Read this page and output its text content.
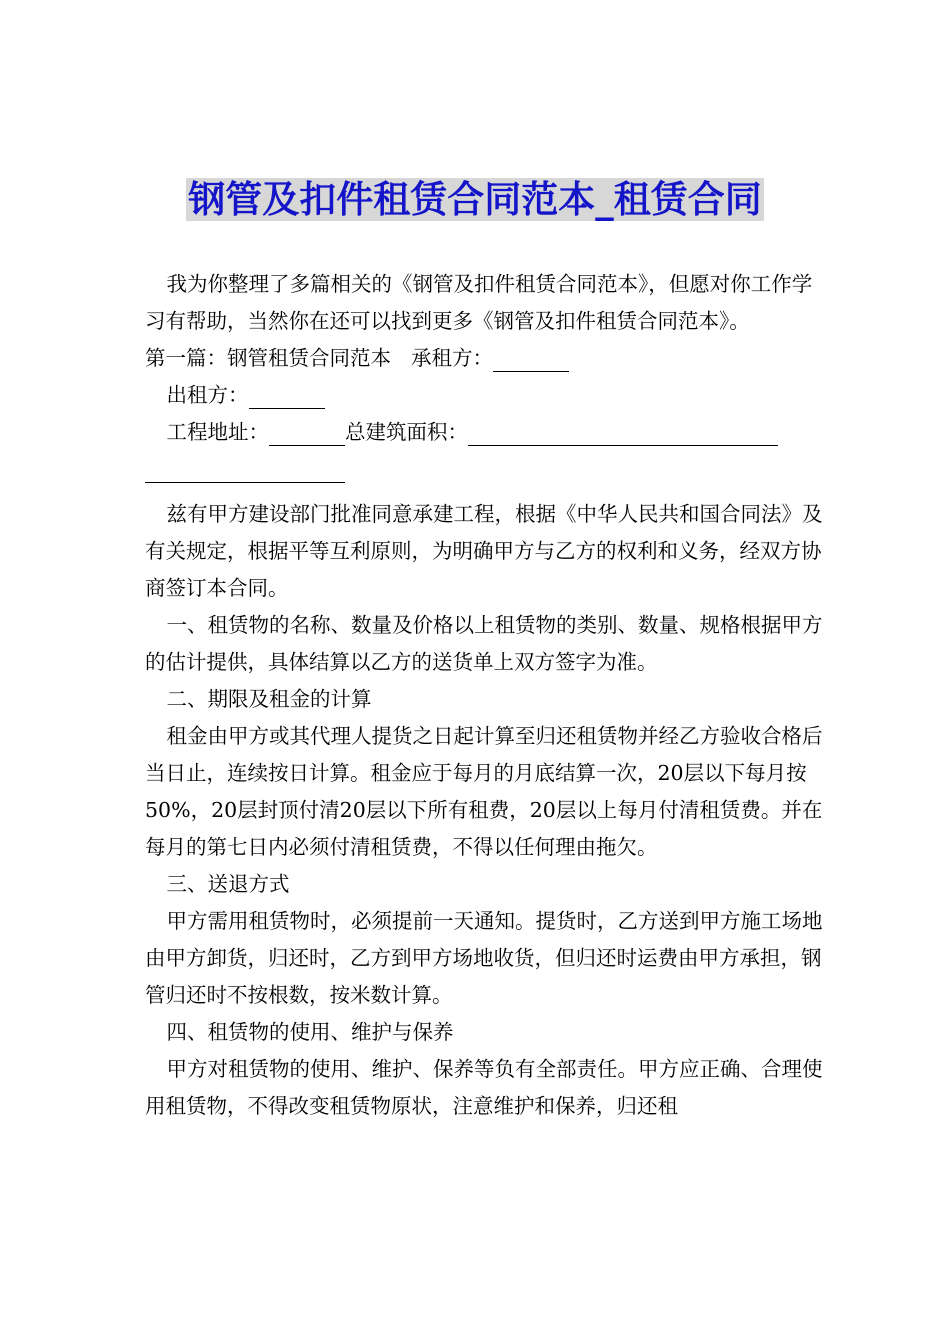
钢管及扣件租赁合同范本_租赁合同

我为你整理了多篇相关的《钢管及扣件租赁合同范本》，但愿对你工作学习有帮助，当然你在还可以找到更多《钢管及扣件租赁合同范本》。

第一篇：钢管租赁合同范本 承租方：

出租方：

工程地址：	总建筑面积：

兹有甲方建设部门批准同意承建工程，根据《中华人民共和国合同法》及有关规定，根据平等互利原则，为明确甲方与乙方的权利和义务，经双方协商签订本合同。

一、租赁物的名称、数量及价格以上租赁物的类别、数量、规格根据甲方的估计提供，具体结算以乙方的送货单上双方签字为准。

二、期限及租金的计算

租金由甲方或其代理人提货之日起计算至归还租赁物并经乙方验收合格后当日止，连续按日计算。租金应于每月的月底结算一次，20层以下每月按50%，20层封顶付清20层以下所有租费，20层以上每月付清租赁费。并在每月的第七日内必须付清租赁费，不得以任何理由拖欠。

三、送退方式

甲方需用租赁物时，必须提前一天通知。提货时，乙方送到甲方施工场地由甲方卸货，归还时，乙方到甲方场地收货，但归还时运费由甲方承担，钢管归还时不按根数，按米数计算。

四、租赁物的使用、维护与保养

甲方对租赁物的使用、维护、保养等负有全部责任。甲方应正确、合理使用租赁物，不得改变租赁物原状，注意维护和保养，归还租
